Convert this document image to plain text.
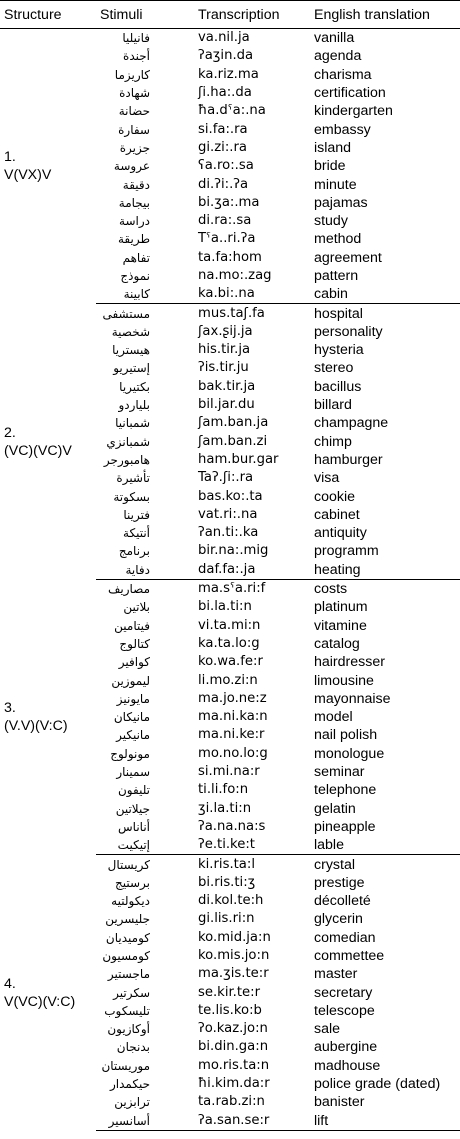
Structure	Stimuli	Transcription	English translation
1.
V(VX)V	فانيليا	va.nil.ja	vanilla
	أجندة	ʔaʒin.da	agenda
	كاريزما	ka.riz.ma	charisma
	شهادة	ʃi.ha:.da	certification
	حضانة	ħa.dˤa:.na	kindergarten
	سفارة	si.fa:.ra	embassy
	جزيرة	gi.zi:.ra	island
	عروسة	ʕa.ro:.sa	bride
	دقيقة	di.ʔi:.ʔa	minute
	بيجامة	bi.ʒa:.ma	pajamas
	دراسة	di.ra:.sa	study
	طريقة	Tˤa..ri.ʔa	method
	تفاهم	ta.fa:hom	agreement
	نموذج	na.mo:.zag	pattern
	كابينة	ka.bi:.na	cabin
2.
(VC)(VC)V	مستشفى	mus.taʃ.fa	hospital
	شخصية	ʃax.ʂij.ja	personality
	هيستريا	his.tir.ja	hysteria
	إستيريو	ʔis.tir.ju	stereo
	بكتيريا	bak.tir.ja	bacillus
	بلياردو	bil.jar.du	billard
	شمبانيا	ʃam.ban.ja	champagne
	شمبانزي	ʃam.ban.zi	chimp
	هامبورجر	ham.bur.gar	hamburger
	تأشيرة	Taʔ.ʃi:.ra	visa
	بسكوتة	bas.ko:.ta	cookie
	فترينا	vat.ri:.na	cabinet
	أنتيكة	ʔan.ti:.ka	antiquity
	برنامج	bir.na:.mig	programm
	دفاية	daf.fa:.ja	heating
3.
(V.V)(V:C)	مصاريف	ma.sˤa.ri:f	costs
	بلاتين	bi.la.ti:n	platinum
	فيتامين	vi.ta.mi:n	vitamine
	كتالوج	ka.ta.lo:g	catalog
	كوافير	ko.wa.fe:r	hairdresser
	ليموزين	li.mo.zi:n	limousine
	مايونيز	ma.jo.ne:z	mayonnaise
	مانيكان	ma.ni.ka:n	model
	مانيكير	ma.ni.ke:r	nail polish
	مونولوج	mo.no.lo:g	monologue
	سمينار	si.mi.na:r	seminar
	تليفون	ti.li.fo:n	telephone
	جيلاتين	ʒi.la.ti:n	gelatin
	أناناس	ʔa.na.na:s	pineapple
	إتيكيت	ʔe.ti.ke:t	lable
4.
V(VC)(V:C)	كريستال	ki.ris.ta:l	crystal
	برستيج	bi.ris.ti:ʒ	prestige
	ديكولتيه	di.kol.te:h	décolleté
	جليسرين	gi.lis.ri:n	glycerin
	كوميديان	ko.mid.ja:n	comedian
	كومسيون	ko.mis.jo:n	commettee
	ماجستير	ma.ʒis.te:r	master
	سكرتير	se.kir.te:r	secretary
	تليسكوب	te.lis.ko:b	telescope
	أوكازيون	ʔo.kaz.jo:n	sale
	بدنجان	bi.din.ga:n	aubergine
	موريستان	mo.ris.ta:n	madhouse
	حيكمدار	ħi.kim.da:r	police grade (dated)
	ترابزين	ta.rab.zi:n	banister
	أسانسير	ʔa.san.se:r	lift
